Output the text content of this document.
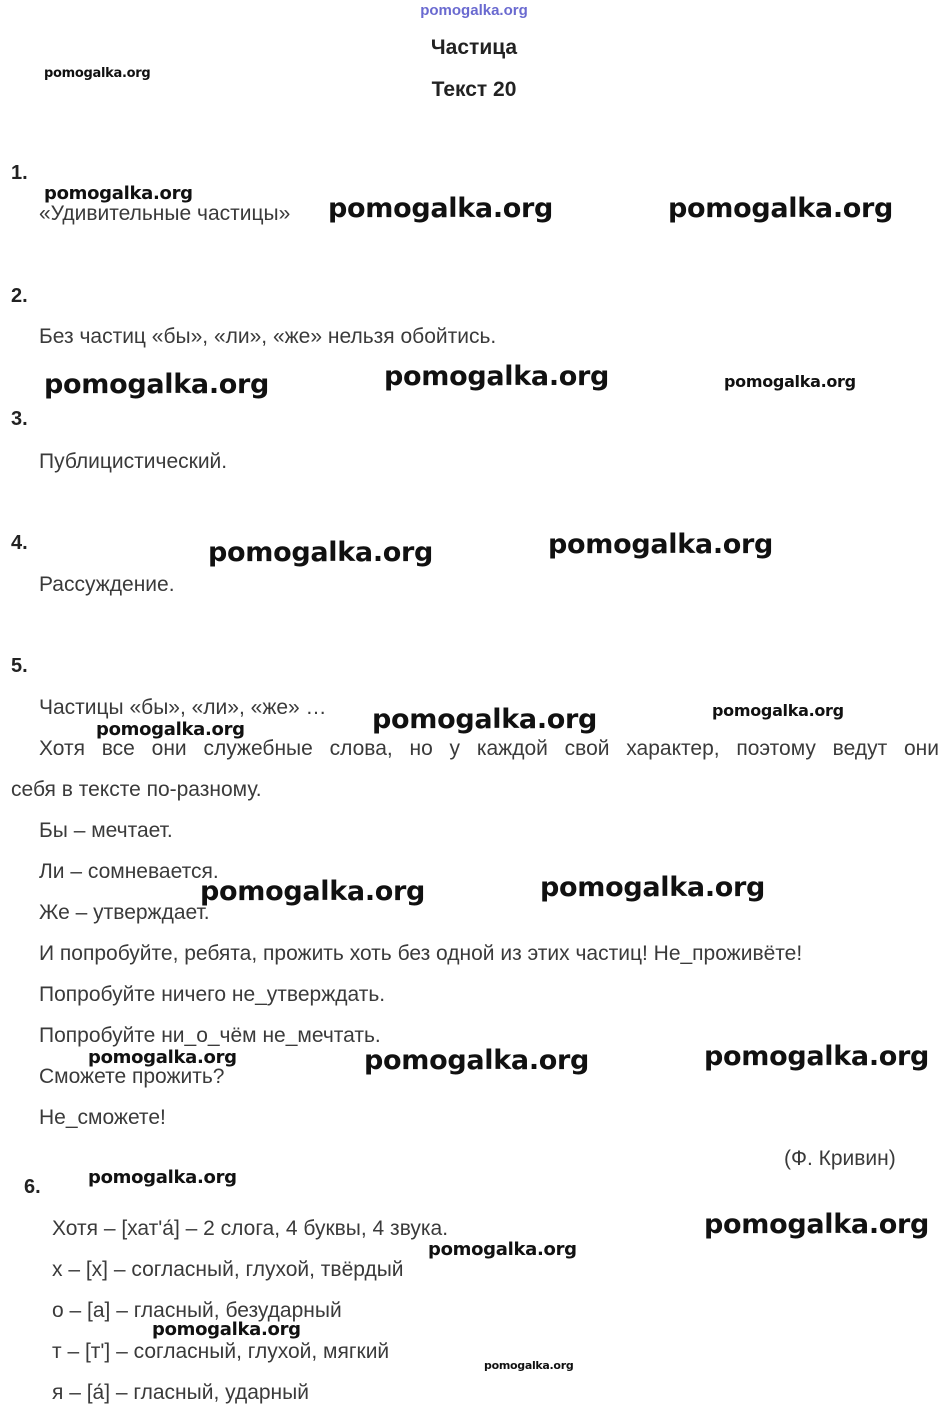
pomogalka.org
Частица
Текст 20
1.
«Удивительные частицы»
2.
Без частиц «бы», «ли», «же» нельзя обойтись.
3.
Публицистический.
4.
Рассуждение.
5.
Частицы «бы», «ли», «же» …
Хотя все они служебные слова, но у каждой свой характер, поэтому ведут они
себя в тексте по-разному.
Бы – мечтает.
Ли – сомневается.
Же – утверждает.
И попробуйте, ребята, прожить хоть без одной из этих частиц! Не_проживёте!
Попробуйте ничего не_утверждать.
Попробуйте ни_о_чём не_мечтать.
Сможете прожить?
Не_сможете!
(Ф. Кривин)
6.
Хотя – [хат'а́] – 2 слога, 4 буквы, 4 звука.
х – [х] – согласный, глухой, твёрдый
о – [а] – гласный, безударный
т – [т'] – согласный, глухой, мягкий
я – [а́] – гласный, ударный
pomogalka.org
pomogalka.org	pomogalka.org	pomogalka.org
pomogalka.org	pomogalka.org	pomogalka.org
pomogalka.org	pomogalka.org
pomogalka.org	pomogalka.org	pomogalka.org
pomogalka.org	pomogalka.org
pomogalka.org	pomogalka.org	pomogalka.org
pomogalka.org
pomogalka.org
pomogalka.org
pomogalka.org
pomogalka.org
